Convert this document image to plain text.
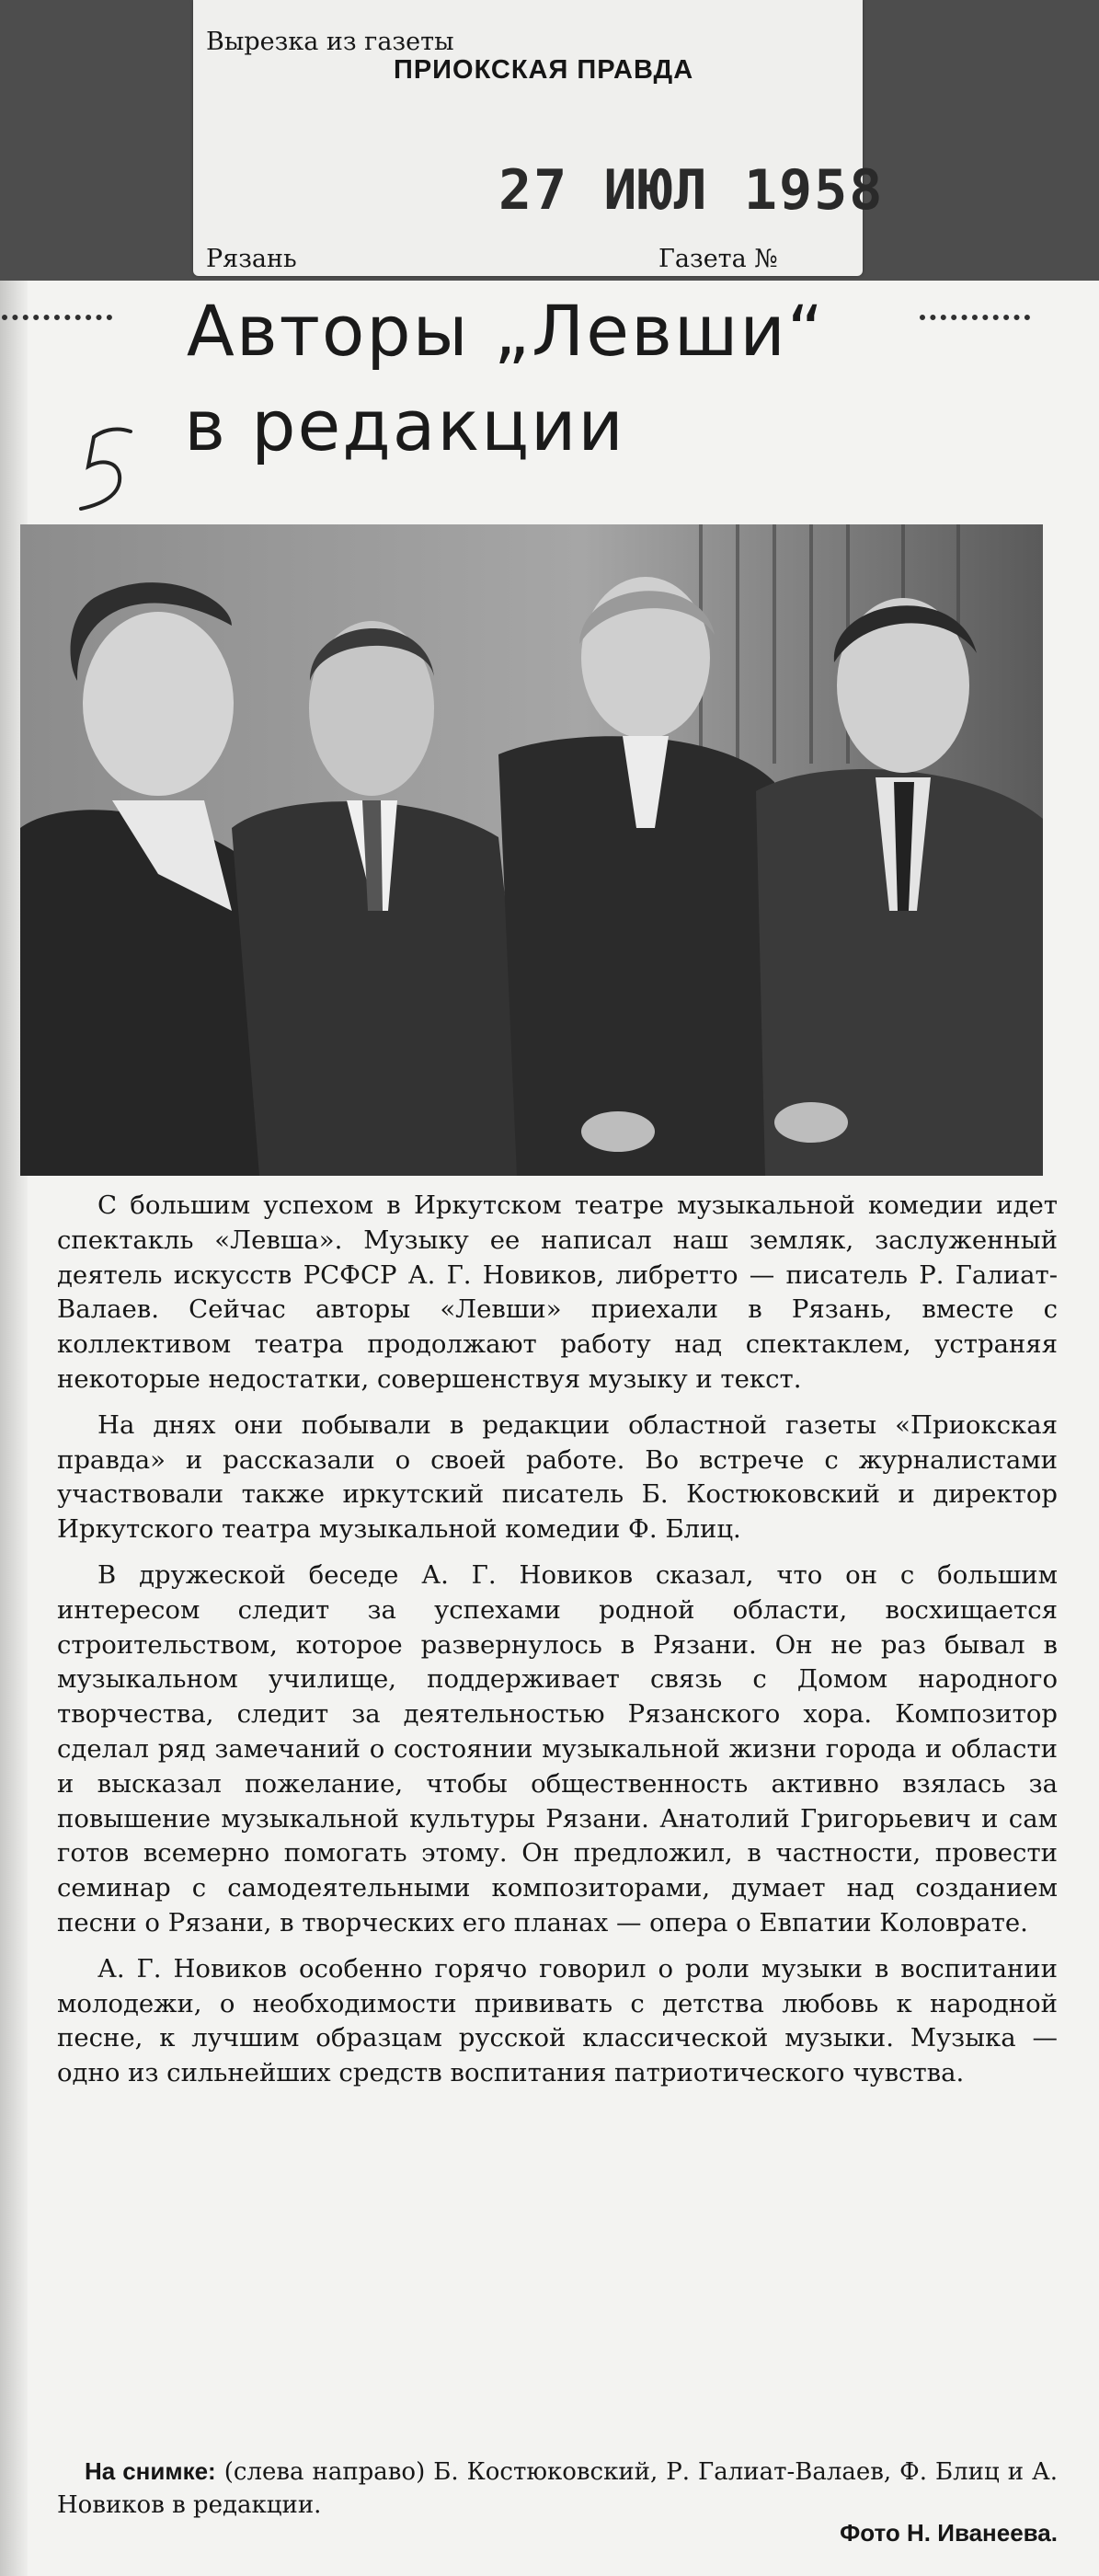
Вырезка из газеты
ПРИОКСКАЯ ПРАВДА
27 ИЮЛ 1958
Рязань	Газета №
Авторы „Левши“
в редакции

С большим успехом в Иркутском театре музыкальной комедии идет спектакль «Левша». Музыку ее написал наш земляк, заслуженный деятель искусств РСФСР А. Г. Новиков, либретто — писатель Р. Галиат-Валаев. Сейчас авторы «Левши» приехали в Рязань, вместе с коллективом театра продолжают работу над спектаклем, устраняя некоторые недостатки, совершенствуя музыку и текст.

На днях они побывали в редакции областной газеты «Приокская правда» и рассказали о своей работе. Во встрече с журналистами участвовали также иркутский писатель Б. Костюковский и директор Иркутского театра музыкальной комедии Ф. Блиц.

В дружеской беседе А. Г. Новиков сказал, что он с большим интересом следит за успехами родной области, восхищается строительством, которое развернулось в Рязани. Он не раз бывал в музыкальном училище, поддерживает связь с Домом народного творчества, следит за деятельностью Рязанского хора. Композитор сделал ряд замечаний о состоянии музыкальной жизни города и области и высказал пожелание, чтобы общественность активно взялась за повышение музыкальной культуры Рязани. Анатолий Григорьевич и сам готов всемерно помогать этому. Он предложил, в частности, провести семинар с самодеятельными композиторами, думает над созданием песни о Рязани, в творческих его планах — опера о Евпатии Коловрате.

А. Г. Новиков особенно горячо говорил о роли музыки в воспитании молодежи, о необходимости прививать с детства любовь к народной песне, к лучшим образцам русской классической музыки. Музыка — одно из сильнейших средств воспитания патриотического чувства.

На снимке: (слева направо) Б. Костюковский, Р. Галиат-Валаев, Ф. Блиц и А. Новиков в редакции.
Фото Н. Иванеева.
